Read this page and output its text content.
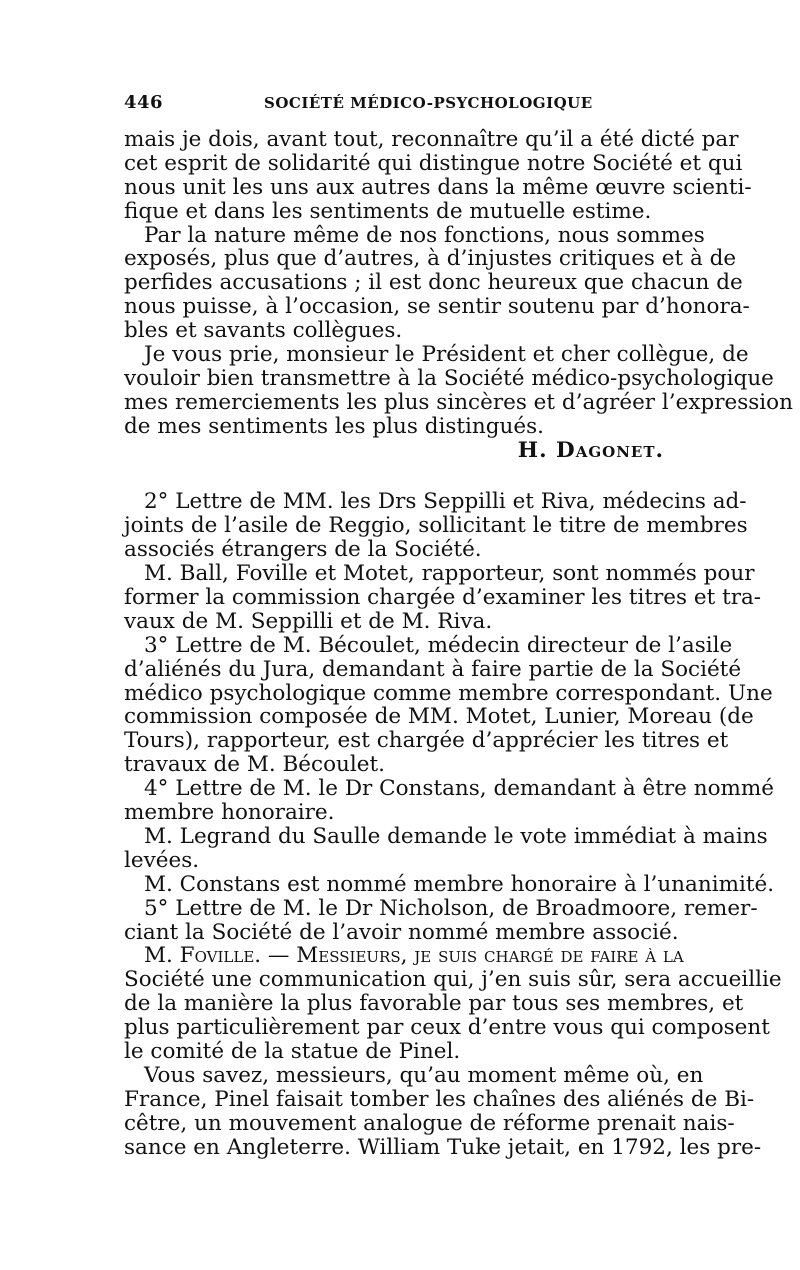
446	SOCIÉTÉ MÉDICO-PSYCHOLOGIQUE
mais je dois, avant tout, reconnaître qu’il a été dicté par
cet esprit de solidarité qui distingue notre Société et qui
nous unit les uns aux autres dans la même œuvre scienti-
fique et dans les sentiments de mutuelle estime.
Par la nature même de nos fonctions, nous sommes
exposés, plus que d’autres, à d’injustes critiques et à de
perfides accusations ; il est donc heureux que chacun de
nous puisse, à l’occasion, se sentir soutenu par d’honora-
bles et savants collègues.
Je vous prie, monsieur le Président et cher collègue, de
vouloir bien transmettre à la Société médico-psychologique
mes remerciements les plus sincères et d’agréer l’expression
de mes sentiments les plus distingués.
H. Dagonet.
2° Lettre de MM. les Drs Seppilli et Riva, médecins ad-
joints de l’asile de Reggio, sollicitant le titre de membres
associés étrangers de la Société.
M. Ball, Foville et Motet, rapporteur, sont nommés pour
former la commission chargée d’examiner les titres et tra-
vaux de M. Seppilli et de M. Riva.
3° Lettre de M. Bécoulet, médecin directeur de l’asile
d’aliénés du Jura, demandant à faire partie de la Société
médico psychologique comme membre correspondant. Une
commission composée de MM. Motet, Lunier, Moreau (de
Tours), rapporteur, est chargée d’apprécier les titres et
travaux de M. Bécoulet.
4° Lettre de M. le Dr Constans, demandant à être nommé
membre honoraire.
M. Legrand du Saulle demande le vote immédiat à mains
levées.
M. Constans est nommé membre honoraire à l’unanimité.
5° Lettre de M. le Dr Nicholson, de Broadmoore, remer-
ciant la Société de l’avoir nommé membre associé.
M. Foville. — Messieurs, je suis chargé de faire à la
Société une communication qui, j’en suis sûr, sera accueillie
de la manière la plus favorable par tous ses membres, et
plus particulièrement par ceux d’entre vous qui composent
le comité de la statue de Pinel.
Vous savez, messieurs, qu’au moment même où, en
France, Pinel faisait tomber les chaînes des aliénés de Bi-
cêtre, un mouvement analogue de réforme prenait nais-
sance en Angleterre. William Tuke jetait, en 1792, les pre-
